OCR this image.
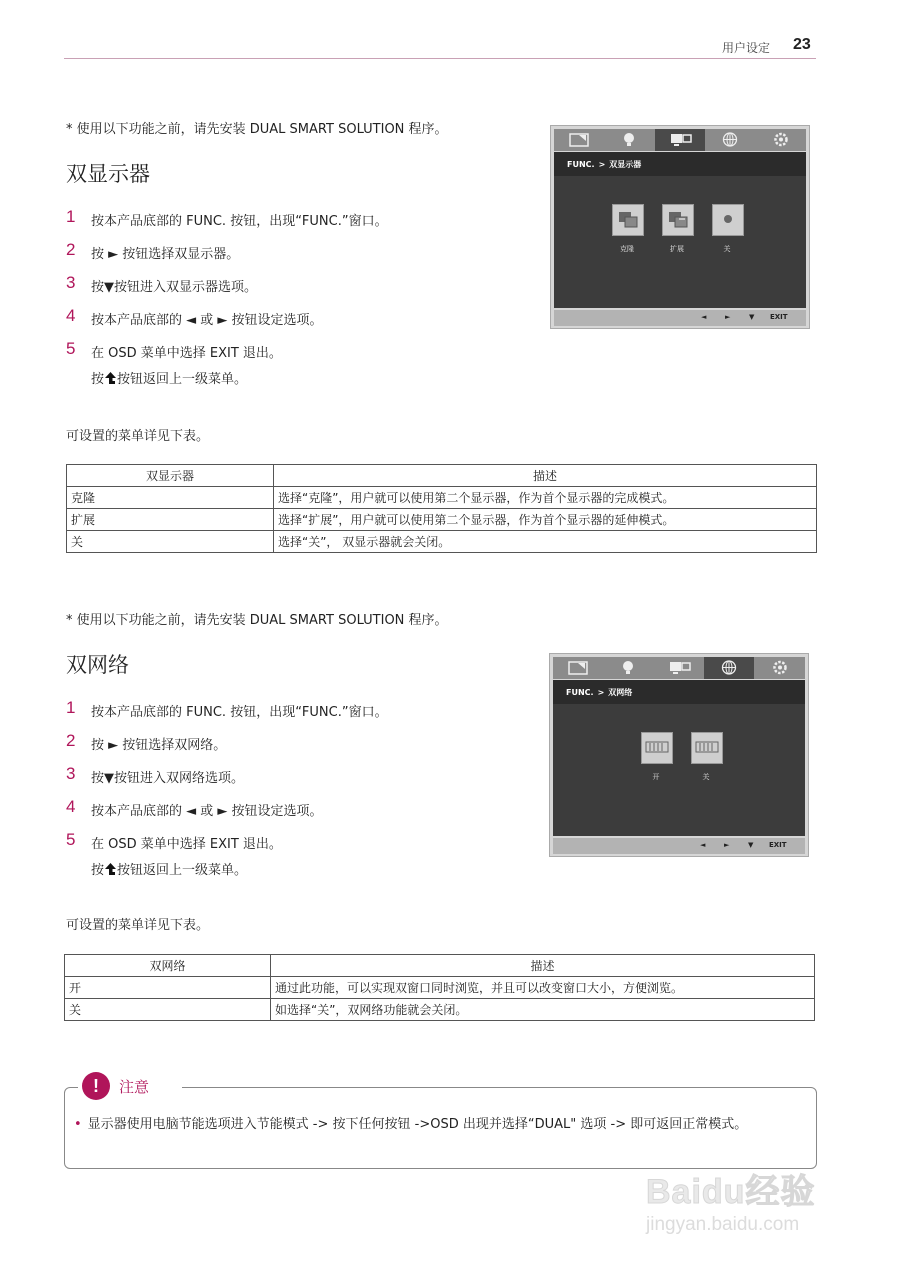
用户设定 23
* 使用以下功能之前，请先安装 DUAL SMART SOLUTION 程序。
双显示器
1 按本产品底部的 FUNC. 按钮，出现“FUNC.”窗口。
2 按 ► 按钮选择双显示器。
3 按▼按钮进入双显示器选项。
4 按本产品底部的 ◄ 或 ► 按钮设定选项。
5 在 OSD 菜单中选择 EXIT 退出。
按 按钮返回上一级菜单。
FUNC. > 双显示器
克隆	扩展	关
◄	►	▼ EXIT
可设置的菜单详见下表。
双显示器	描述
克隆	选择“克隆”，用户就可以使用第二个显示器，作为首个显示器的完成模式。
扩展	选择“扩展”，用户就可以使用第二个显示器，作为首个显示器的延伸模式。
关	选择“关”， 双显示器就会关闭。
* 使用以下功能之前，请先安装 DUAL SMART SOLUTION 程序。
双网络
1 按本产品底部的 FUNC. 按钮，出现“FUNC.”窗口。
2 按 ► 按钮选择双网络。
3 按▼按钮进入双网络选项。
4 按本产品底部的 ◄ 或 ► 按钮设定选项。
5 在 OSD 菜单中选择 EXIT 退出。
按 按钮返回上一级菜单。
FUNC. > 双网络
开	关
◄	►	▼ EXIT
可设置的菜单详见下表。
双网络	描述
开	通过此功能，可以实现双窗口同时浏览，并且可以改变窗口大小，方便浏览。
关	如选择“关”，双网络功能就会关闭。
!	注意
• 显示器使用电脑节能选项进入节能模式 -> 按下任何按钮 ->OSD 出现并选择“DUAL" 选项 -> 即可返回正常模式。
Baidu经验
jingyan.baidu.com
